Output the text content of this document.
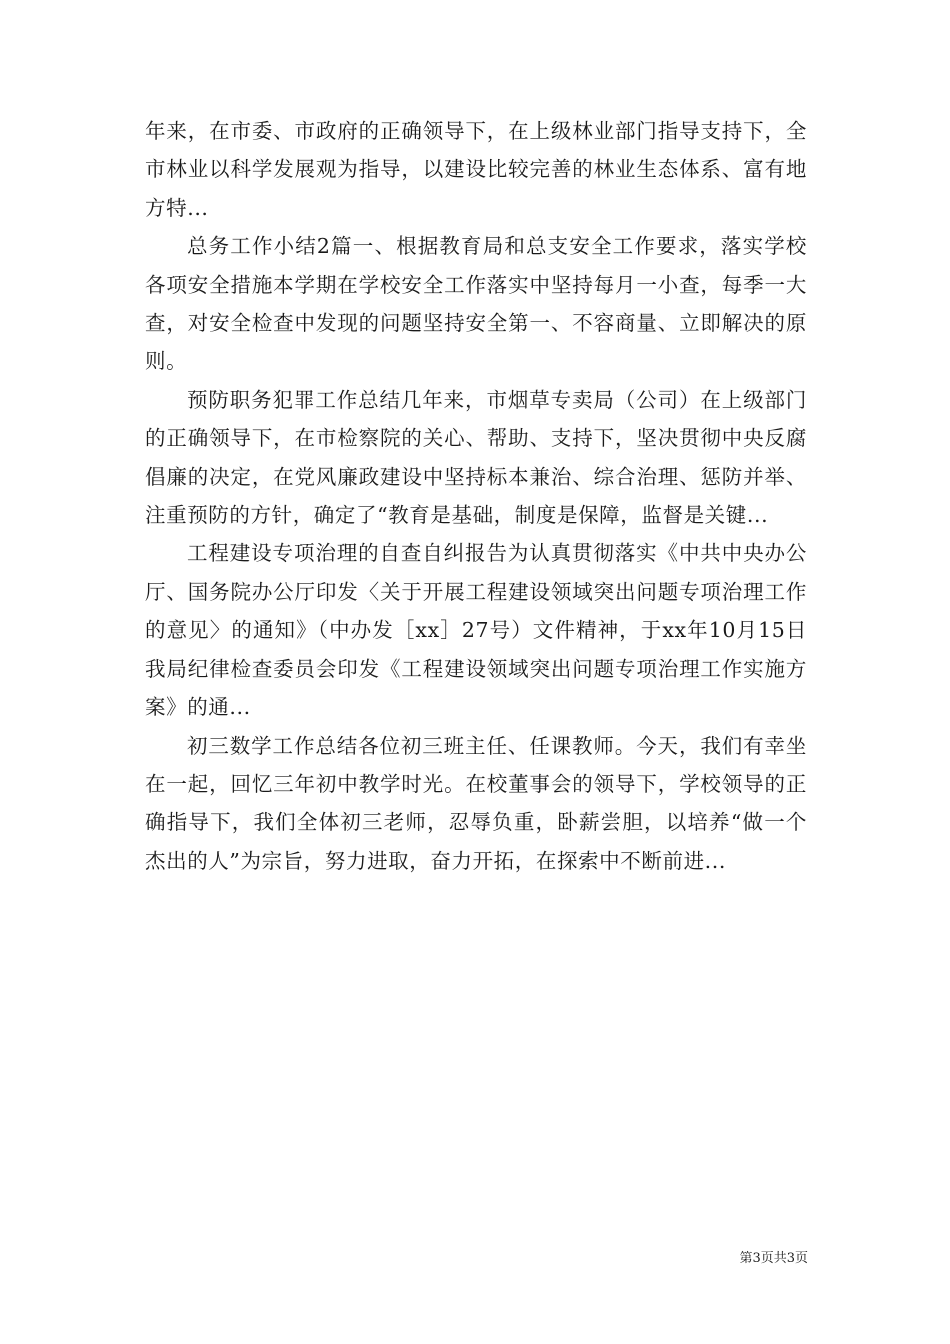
年来，在市委、市政府的正确领导下，在上级林业部门指导支持下，全市林业以科学发展观为指导，以建设比较完善的林业生态体系、富有地方特...

总务工作小结2篇一、根据教育局和总支安全工作要求，落实学校各项安全措施本学期在学校安全工作落实中坚持每月一小查，每季一大查，对安全检查中发现的问题坚持安全第一、不容商量、立即解决的原则。

预防职务犯罪工作总结几年来，市烟草专卖局（公司）在上级部门的正确领导下，在市检察院的关心、帮助、支持下，坚决贯彻中央反腐倡廉的决定，在党风廉政建设中坚持标本兼治、综合治理、惩防并举、注重预防的方针，确定了“教育是基础，制度是保障，监督是关键...

工程建设专项治理的自查自纠报告为认真贯彻落实《中共中央办公厅、国务院办公厅印发〈关于开展工程建设领域突出问题专项治理工作的意见〉的通知》（中办发［xx］27号）文件精神，于xx年10月15日我局纪律检查委员会印发《工程建设领域突出问题专项治理工作实施方案》的通...

初三数学工作总结各位初三班主任、任课教师。今天，我们有幸坐在一起，回忆三年初中教学时光。在校董事会的领导下，学校领导的正确指导下，我们全体初三老师，忍辱负重，卧薪尝胆，以培养“做一个杰出的人”为宗旨，努力进取，奋力开拓，在探索中不断前进...

第3页共3页
